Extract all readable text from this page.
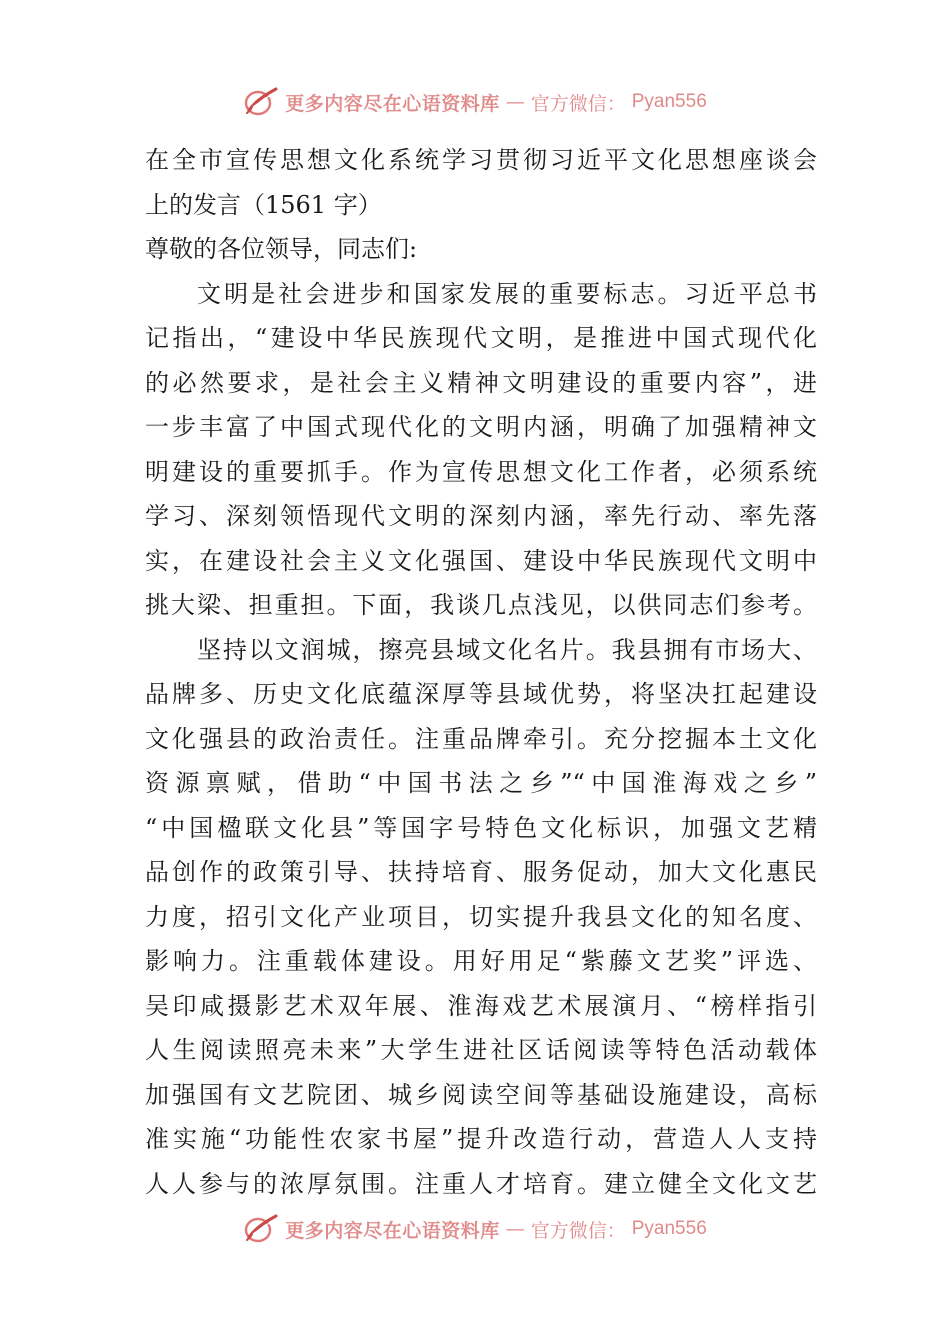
更多内容尽在心语资料库 — 官方微信： Pyan556
在全市宣传思想文化系统学习贯彻习近平文化思想座谈会
上的发言（1561 字）
尊敬的各位领导，同志们:
文明是社会进步和国家发展的重要标志。习近平总书
记指出，“建设中华民族现代文明，是推进中国式现代化
的必然要求，是社会主义精神文明建设的重要内容”，进
一步丰富了中国式现代化的文明内涵，明确了加强精神文
明建设的重要抓手。作为宣传思想文化工作者，必须系统
学习、深刻领悟现代文明的深刻内涵，率先行动、率先落
实，在建设社会主义文化强国、建设中华民族现代文明中
挑大梁、担重担。下面，我谈几点浅见，以供同志们参考。
坚持以文润城，擦亮县域文化名片。我县拥有市场大、
品牌多、历史文化底蕴深厚等县域优势，将坚决扛起建设
文化强县的政治责任。注重品牌牵引。充分挖掘本土文化
资源禀赋，借助“中国书法之乡”“中国淮海戏之乡”
“中国楹联文化县”等国字号特色文化标识，加强文艺精
品创作的政策引导、扶持培育、服务促动，加大文化惠民
力度，招引文化产业项目，切实提升我县文化的知名度、
影响力。注重载体建设。用好用足“紫藤文艺奖”评选、
吴印咸摄影艺术双年展、淮海戏艺术展演月、“榜样指引
人生阅读照亮未来”大学生进社区话阅读等特色活动载体
加强国有文艺院团、城乡阅读空间等基础设施建设，高标
准实施“功能性农家书屋”提升改造行动，营造人人支持
人人参与的浓厚氛围。注重人才培育。建立健全文化文艺
更多内容尽在心语资料库 — 官方微信： Pyan556
